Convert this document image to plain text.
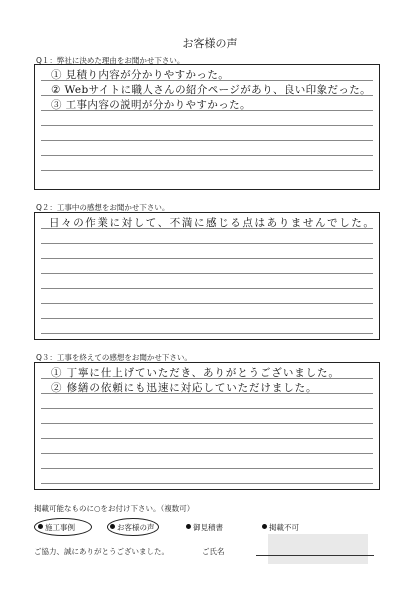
お客様の声
Q１：弊社に決めた理由をお聞かせ下さい。
① 見積り内容が分かりやすかった。
② Webサイトに職人さんの紹介ページがあり、良い印象だった。
③ 工事内容の説明が分かりやすかった。
Q２：工事中の感想をお聞かせ下さい。
日々の作業に対して、不満に感じる点はありませんでした。
Q３：工事を終えての感想をお聞かせ下さい。
① 丁寧に仕上げていただき、ありがとうございました。
② 修繕の依頼にも迅速に対応していただけました。
掲載可能なものに○をお付け下さい。（複数可）
施工事例	お客様の声	御見積書	掲載不可
ご協力、誠にありがとうございました。	ご氏名
